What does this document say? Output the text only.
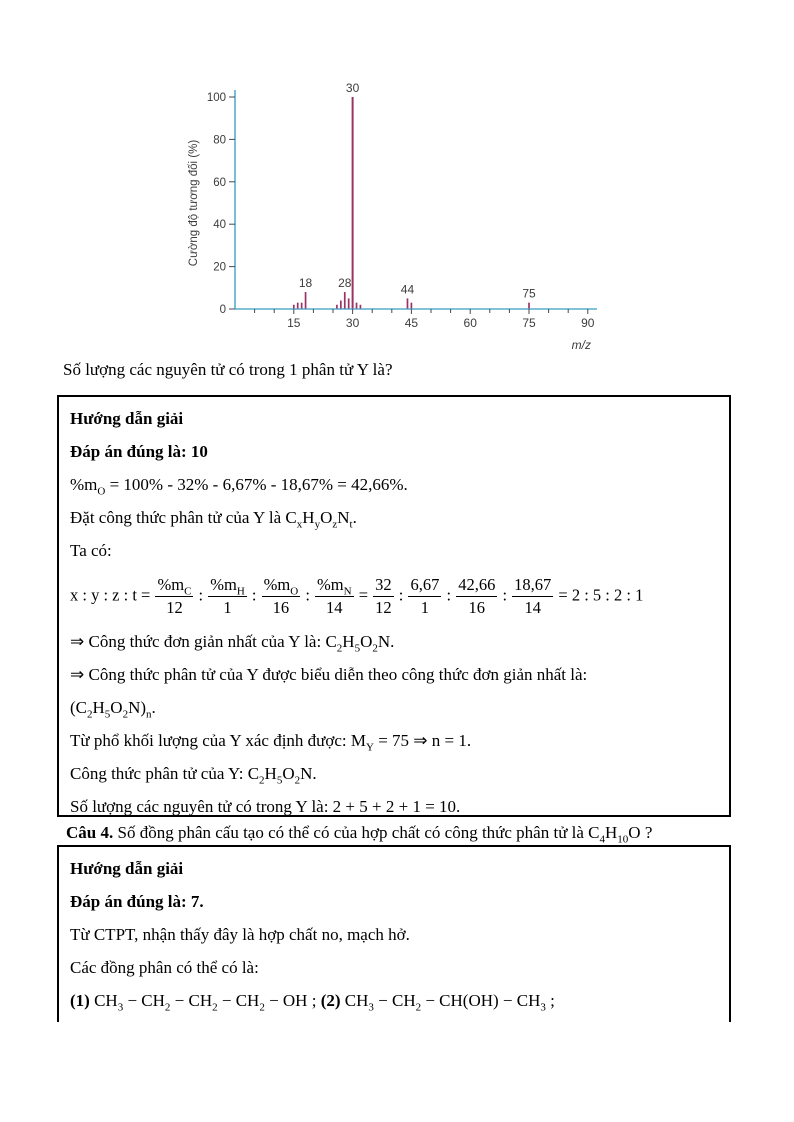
15	30	45	60	75	90
0
20
40
60
80
100
18 28
30
44	75
Cường độ tương đối (%)
m/z
Số lượng các nguyên tử có trong 1 phân tử Y là?
Hướng dẫn giải
Đáp án đúng là: 10
$\%m_O = 100\% - 32\% - 6,67\% - 18,67\% = 42,66\%$.
Đặt công thức phân tử của Y là $C_xH_yO_zN_t$.
Ta có:
x : y : z : $t = \frac{\%m_C}{12}$ : $\frac{\%m_H}{1}$ : $\frac{\%m_O}{16}$ : $\frac{\%m_N}{14} = \frac{32}{12}$ : $\frac{6,67}{1}$ : $\frac{42,66}{16}$ : $\frac{18,67}{14} = 2$ : 5 : 2 : 1
⇒ Công thức đơn giản nhất của Y là: $C_2H_5O_2N$.
⇒ Công thức phân tử của Y được biểu diễn theo công thức đơn giản nhất là:
$(C_2H_5O_2N)_n$.
Từ phổ khối lượng của Y xác định được: $M_Y = 75$ ⇒ n = 1.
Công thức phân tử của Y: $C_2H_5O_2N$.
Số lượng các nguyên tử có trong Y là: 2 + 5 + 2 + 1 = 10.
Câu 4. Số đồng phân cấu tạo có thể có của hợp chất có công thức phân tử là $C_4H_{10}O$ ?
Hướng dẫn giải
Đáp án đúng là: 7.
Từ CTPT, nhận thấy đây là hợp chất no, mạch hở.
Các đồng phân có thể có là:
(1) $CH_3 - CH_2 - CH_2 - CH_2$ − OH ; (2) $CH_3 - CH_2 - CH(OH) - CH_3$ ;
